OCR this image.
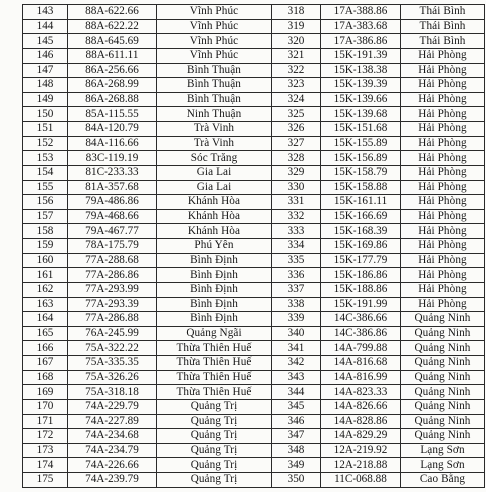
143	88A-622.66	Vĩnh Phúc	318	17A-388.86	Thái Bình
144	88A-622.22	Vĩnh Phúc	319	17A-383.68	Thái Bình
145	88A-645.69	Vĩnh Phúc	320	17A-386.86	Thái Bình
146	88A-611.11	Vĩnh Phúc	321	15K-191.39	Hải Phòng
147	86A-256.66	Bình Thuận	322	15K-138.38	Hải Phòng
148	86A-268.99	Bình Thuận	323	15K-139.39	Hải Phòng
149	86A-268.88	Bình Thuận	324	15K-139.66	Hải Phòng
150	85A-115.55	Ninh Thuận	325	15K-139.68	Hải Phòng
151	84A-120.79	Trà Vinh	326	15K-151.68	Hải Phòng
152	84A-116.66	Trà Vinh	327	15K-155.89	Hải Phòng
153	83C-119.19	Sóc Trăng	328	15K-156.89	Hải Phòng
154	81C-233.33	Gia Lai	329	15K-158.79	Hải Phòng
155	81A-357.68	Gia Lai	330	15K-158.88	Hải Phòng
156	79A-486.86	Khánh Hòa	331	15K-161.11	Hải Phòng
157	79A-468.66	Khánh Hòa	332	15K-166.69	Hải Phòng
158	79A-467.77	Khánh Hòa	333	15K-168.39	Hải Phòng
159	78A-175.79	Phú Yên	334	15K-169.86	Hải Phòng
160	77A-288.68	Bình Định	335	15K-177.79	Hải Phòng
161	77A-286.86	Bình Định	336	15K-186.86	Hải Phòng
162	77A-293.99	Bình Định	337	15K-188.86	Hải Phòng
163	77A-293.39	Bình Định	338	15K-191.99	Hải Phòng
164	77A-286.88	Bình Định	339	14C-386.66	Quảng Ninh
165	76A-245.99	Quảng Ngãi	340	14C-386.86	Quảng Ninh
166	75A-322.22	Thừa Thiên Huế	341	14A-799.88	Quảng Ninh
167	75A-335.35	Thừa Thiên Huế	342	14A-816.68	Quảng Ninh
168	75A-326.26	Thừa Thiên Huế	343	14A-816.99	Quảng Ninh
169	75A-318.18	Thừa Thiên Huế	344	14A-823.33	Quảng Ninh
170	74A-229.79	Quảng Trị	345	14A-826.66	Quảng Ninh
171	74A-227.89	Quảng Trị	346	14A-828.86	Quảng Ninh
172	74A-234.68	Quảng Trị	347	14A-829.29	Quảng Ninh
173	74A-234.79	Quảng Trị	348	12A-219.92	Lạng Sơn
174	74A-226.66	Quảng Trị	349	12A-218.88	Lạng Sơn
175	74A-239.79	Quảng Trị	350	11C-068.88	Cao Bằng
